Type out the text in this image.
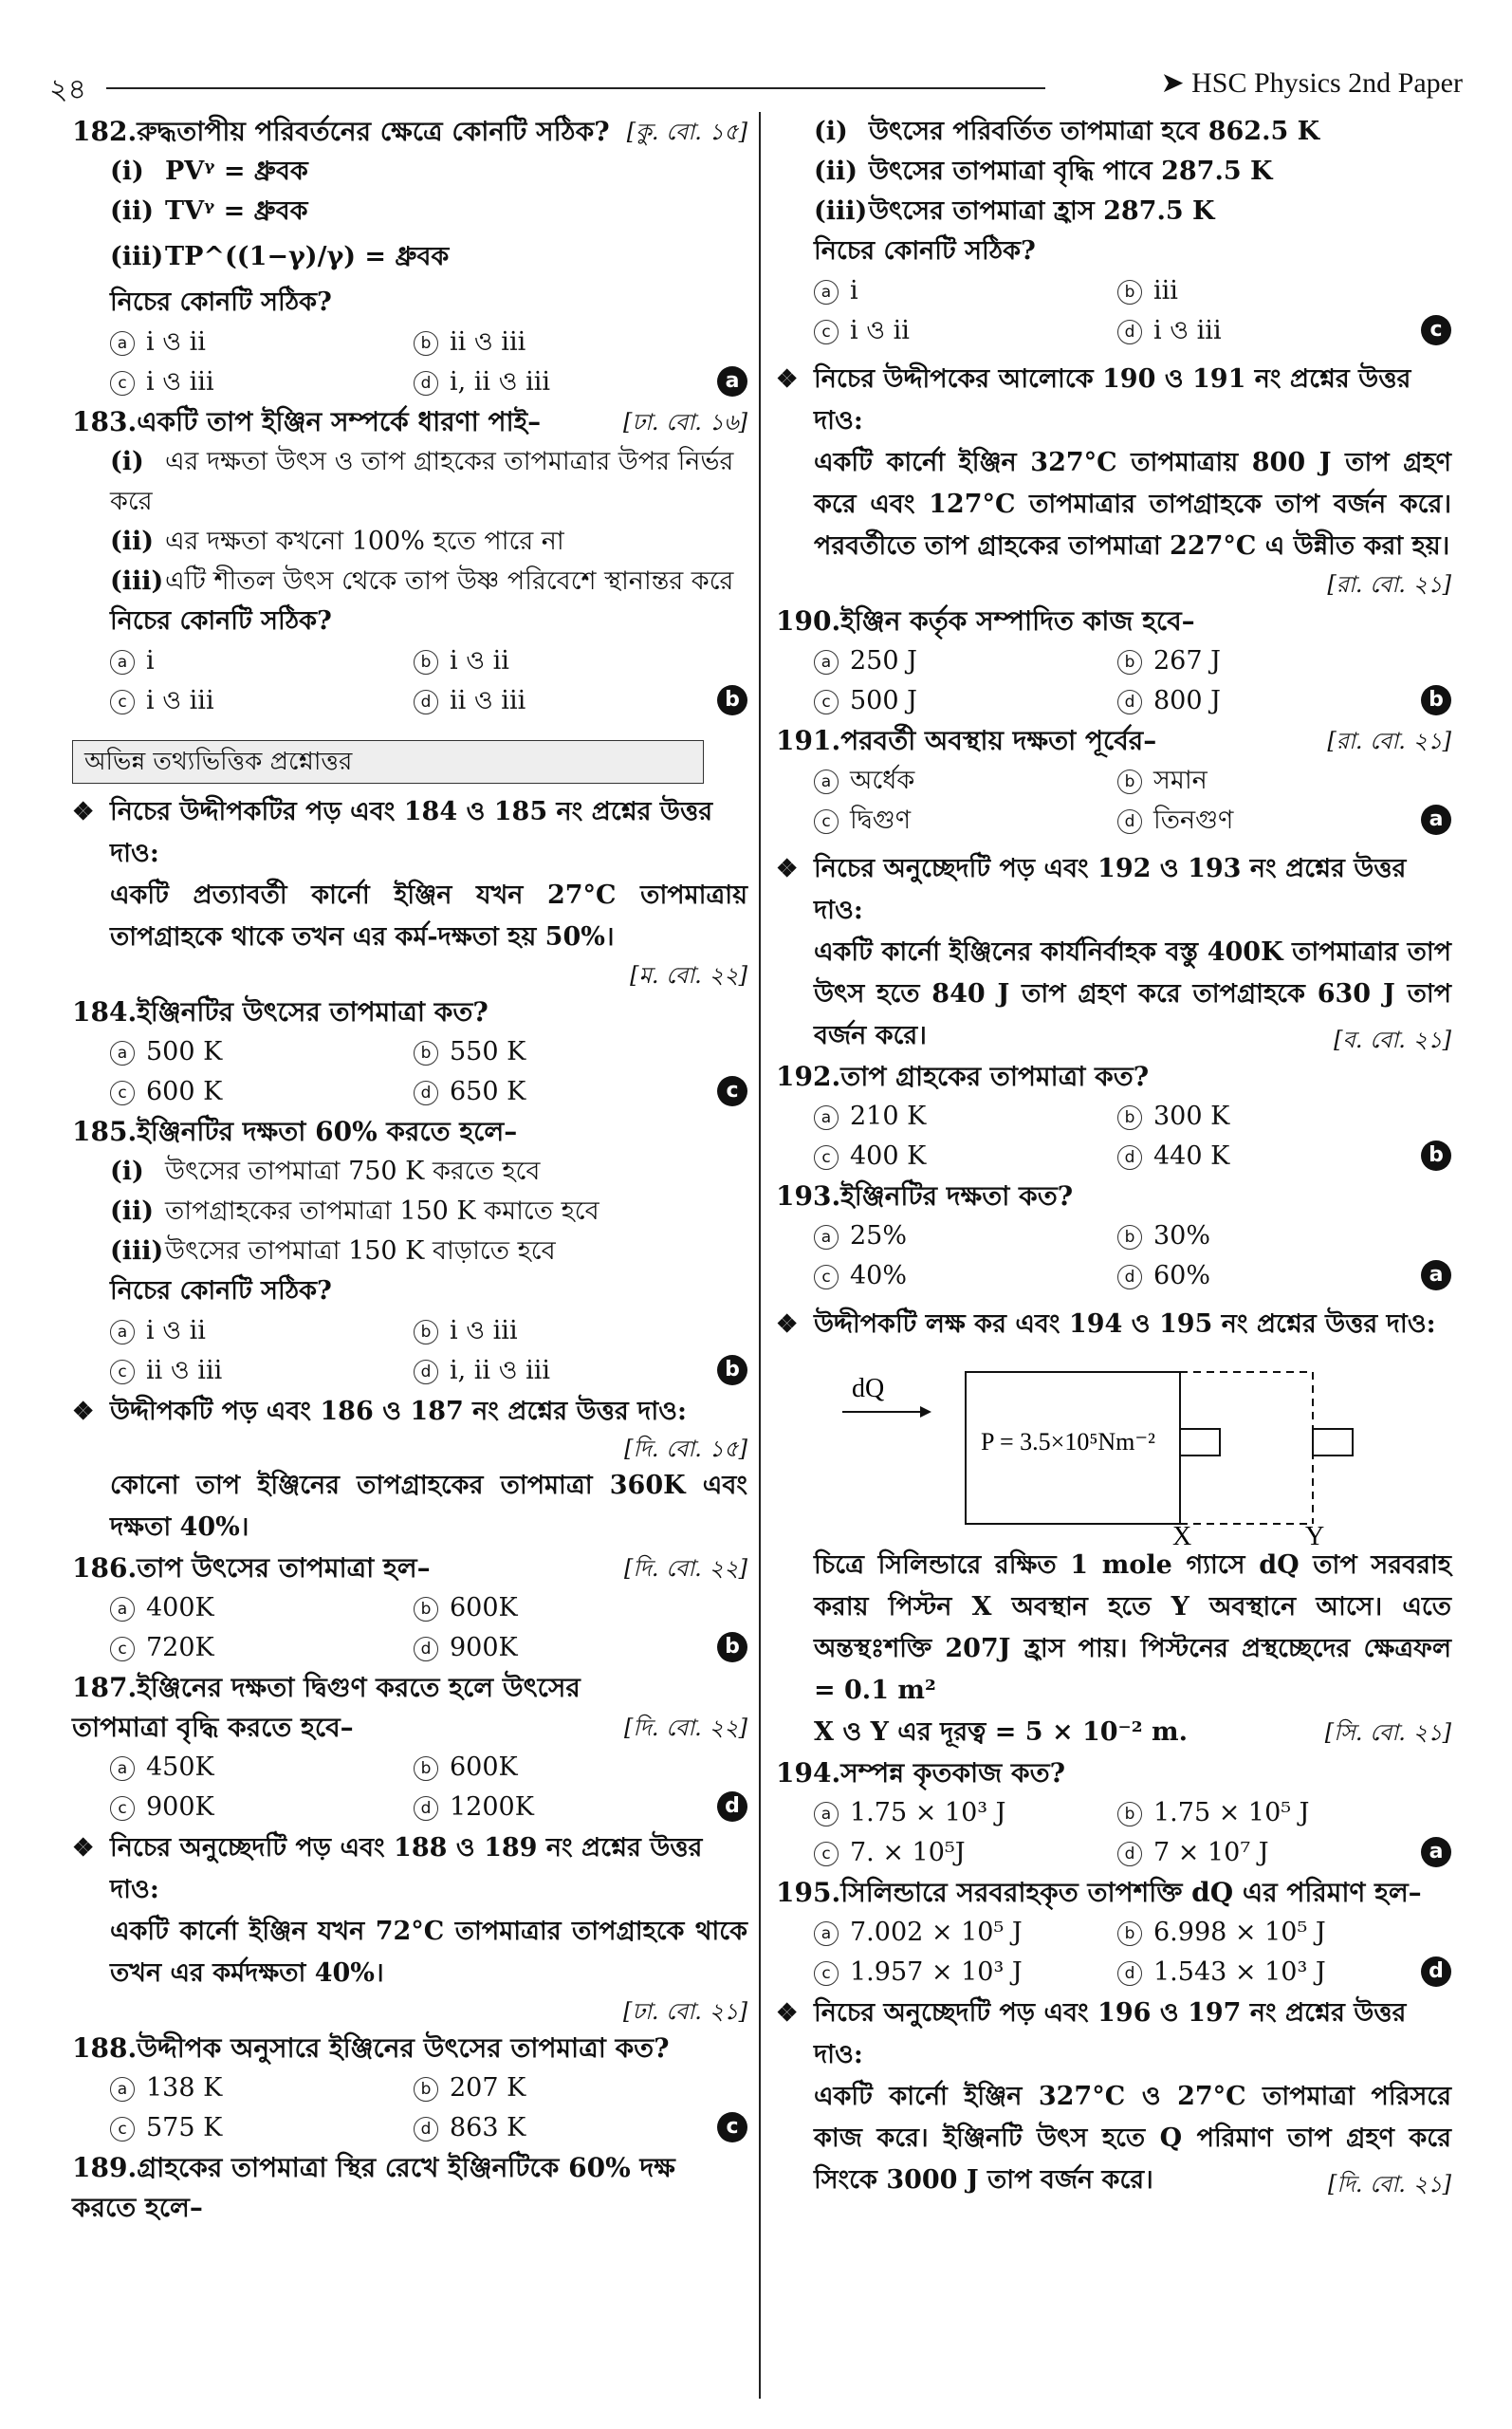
২৪	➤ HSC Physics 2nd Paper
182.রুদ্ধতাপীয় পরিবর্তনের ক্ষেত্রে কোনটি সঠিক? [কু. বো. ১৫]
(i) PVᵞ = ধ্রুবক
(ii) TVᵞ = ধ্রুবক
(iii)TP^((1−γ)/γ) = ধ্রুবক
নিচের কোনটি সঠিক?
a i ও ii	b ii ও iii
c i ও iii	d i, ii ও iii	a
183.একটি তাপ ইঞ্জিন সম্পর্কে ধারণা পাই–	[ঢা. বো. ১৬]
(i) এর দক্ষতা উৎস ও তাপ গ্রাহকের তাপমাত্রার উপর নির্ভর করে
(ii) এর দক্ষতা কখনো 100% হতে পারে না
(iii)এটি শীতল উৎস থেকে তাপ উষ্ণ পরিবেশে স্থানান্তর করে
নিচের কোনটি সঠিক?
a i	b i ও ii
c i ও iii	d ii ও iii	b
অভিন্ন তথ্যভিত্তিক প্রশ্নোত্তর
❖ নিচের উদ্দীপকটির পড় এবং 184 ও 185 নং প্রশ্নের উত্তর দাও:
একটি প্রত্যাবর্তী কার্নো ইঞ্জিন যখন 27°C তাপমাত্রায় তাপগ্রাহকে থাকে তখন এর কর্ম-দক্ষতা হয় 50%।
[ম. বো. ২২]
184.ইঞ্জিনটির উৎসের তাপমাত্রা কত?
a 500 K	b 550 K
c 600 K	d 650 K	c
185.ইঞ্জিনটির দক্ষতা 60% করতে হলে–
(i) উৎসের তাপমাত্রা 750 K করতে হবে
(ii) তাপগ্রাহকের তাপমাত্রা 150 K কমাতে হবে
(iii)উৎসের তাপমাত্রা 150 K বাড়াতে হবে
নিচের কোনটি সঠিক?
a i ও ii	b i ও iii
c ii ও iii	d i, ii ও iii	b
❖ উদ্দীপকটি পড় এবং 186 ও 187 নং প্রশ্নের উত্তর দাও:
[দি. বো. ১৫]
কোনো তাপ ইঞ্জিনের তাপগ্রাহকের তাপমাত্রা 360K এবং দক্ষতা 40%।
186.তাপ উৎসের তাপমাত্রা হল–	[দি. বো. ২২]
a 400K	b 600K
c 720K	d 900K	b
187.ইঞ্জিনের দক্ষতা দ্বিগুণ করতে হলে উৎসের তাপমাত্রা বৃদ্ধি করতে হবে–	[দি. বো. ২২]
a 450K	b 600K
c 900K	d 1200K	d
❖ নিচের অনুচ্ছেদটি পড় এবং 188 ও 189 নং প্রশ্নের উত্তর দাও:
একটি কার্নো ইঞ্জিন যখন 72°C তাপমাত্রার তাপগ্রাহকে থাকে তখন এর কর্মদক্ষতা 40%।
[ঢা. বো. ২১]
188.উদ্দীপক অনুসারে ইঞ্জিনের উৎসের তাপমাত্রা কত?
a 138 K	b 207 K
c 575 K	d 863 K	c
189.গ্রাহকের তাপমাত্রা স্থির রেখে ইঞ্জিনটিকে 60% দক্ষ করতে হলে–
(i) উৎসের পরিবর্তিত তাপমাত্রা হবে 862.5 K
(ii) উৎসের তাপমাত্রা বৃদ্ধি পাবে 287.5 K
(iii)উৎসের তাপমাত্রা হ্রাস 287.5 K
নিচের কোনটি সঠিক?
a i	b iii
c i ও ii	d i ও iii	c
❖ নিচের উদ্দীপকের আলোকে 190 ও 191 নং প্রশ্নের উত্তর দাও:
একটি কার্নো ইঞ্জিন 327°C তাপমাত্রায় 800 J তাপ গ্রহণ করে এবং 127°C তাপমাত্রার তাপগ্রাহকে তাপ বর্জন করে। পরবর্তীতে তাপ গ্রাহকের তাপমাত্রা 227°C এ উন্নীত করা হয়।
[রা. বো. ২১]
190.ইঞ্জিন কর্তৃক সম্পাদিত কাজ হবে–
a 250 J	b 267 J
c 500 J	d 800 J	b
191.পরবর্তী অবস্থায় দক্ষতা পূর্বের–	[রা. বো. ২১]
a অর্ধেক	b সমান
c দ্বিগুণ	d তিনগুণ	a
❖ নিচের অনুচ্ছেদটি পড় এবং 192 ও 193 নং প্রশ্নের উত্তর দাও:
একটি কার্নো ইঞ্জিনের কার্যনির্বাহক বস্তু 400K তাপমাত্রার তাপ উৎস হতে 840 J তাপ গ্রহণ করে তাপগ্রাহকে 630 J তাপ বর্জন করে।	[ব. বো. ২১]
192.তাপ গ্রাহকের তাপমাত্রা কত?
a 210 K	b 300 K
c 400 K	d 440 K	b
193.ইঞ্জিনটির দক্ষতা কত?
a 25%	b 30%
c 40%	d 60%	a
❖ উদ্দীপকটি লক্ষ কর এবং 194 ও 195 নং প্রশ্নের উত্তর দাও:
dQ
P = 3.5×10⁵Nm⁻²
X	Y
চিত্রে সিলিন্ডারে রক্ষিত 1 mole গ্যাসে dQ তাপ সরবরাহ করায় পিস্টন X অবস্থান হতে Y অবস্থানে আসে। এতে অন্তস্থঃশক্তি 207J হ্রাস পায়। পিস্টনের প্রস্থচ্ছেদের ক্ষেত্রফল = 0.1 m²
X ও Y এর দূরত্ব = 5 × 10⁻² m.	[সি. বো. ২১]
194.সম্পন্ন কৃতকাজ কত?
a 1.75 × 10³ J	b 1.75 × 10⁵ J
c 7. × 10⁵J	d 7 × 10⁷ J	a
195.সিলিন্ডারে সরবরাহকৃত তাপশক্তি dQ এর পরিমাণ হল–
a 7.002 × 10⁵ J	b 6.998 × 10⁵ J
c 1.957 × 10³ J	d 1.543 × 10³ J	d
❖ নিচের অনুচ্ছেদটি পড় এবং 196 ও 197 নং প্রশ্নের উত্তর দাও:
একটি কার্নো ইঞ্জিন 327°C ও 27°C তাপমাত্রা পরিসরে কাজ করে। ইঞ্জিনটি উৎস হতে Q পরিমাণ তাপ গ্রহণ করে সিংকে 3000 J তাপ বর্জন করে।	[দি. বো. ২১]
